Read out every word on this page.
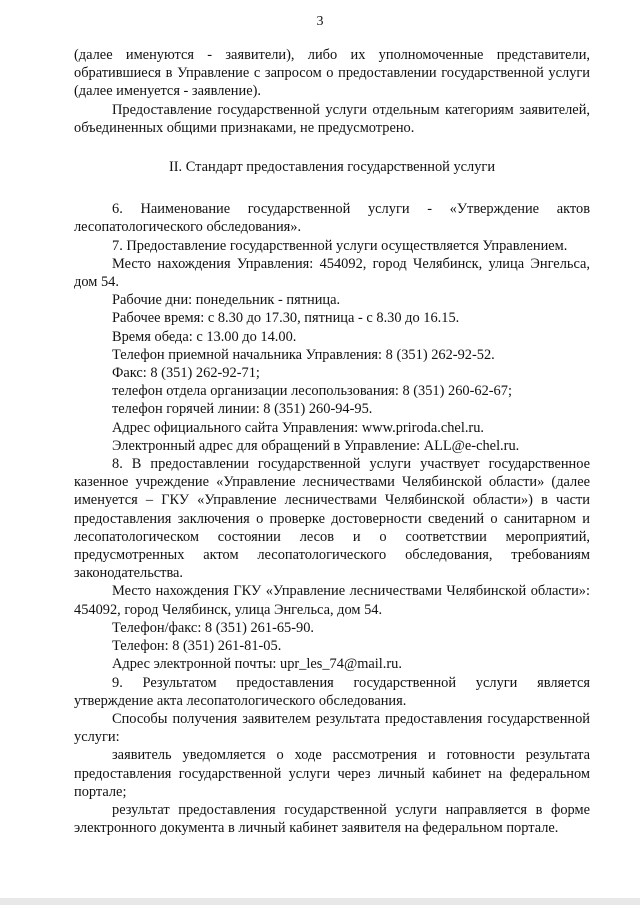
3

(далее именуются - заявители), либо их уполномоченные представители, обратившиеся в Управление с запросом о предоставлении государственной услуги (далее именуется - заявление).

Предоставление государственной услуги отдельным категориям заявителей, объединенных общими признаками, не предусмотрено.

II. Стандарт предоставления государственной услуги

6. Наименование государственной услуги - «Утверждение актов лесопатологического обследования».

7. Предоставление государственной услуги осуществляется Управлением.

Место нахождения Управления: 454092, город Челябинск, улица Энгельса, дом 54.

Рабочие дни: понедельник - пятница.

Рабочее время: с 8.30 до 17.30, пятница - с 8.30 до 16.15.

Время обеда: с 13.00 до 14.00.

Телефон приемной начальника Управления: 8 (351) 262-92-52.

Факс: 8 (351) 262-92-71;

телефон отдела организации лесопользования: 8 (351) 260-62-67;

телефон горячей линии: 8 (351) 260-94-95.

Адрес официального сайта Управления: www.priroda.chel.ru.

Электронный адрес для обращений в Управление: ALL@e-chel.ru.

8. В предоставлении государственной услуги участвует государственное казенное учреждение «Управление лесничествами Челябинской области» (далее именуется – ГКУ «Управление лесничествами Челябинской области») в части предоставления заключения о проверке достоверности сведений о санитарном и лесопатологическом состоянии лесов и о соответствии мероприятий, предусмотренных актом лесопатологического обследования, требованиям законодательства.

Место нахождения ГКУ «Управление лесничествами Челябинской области»: 454092, город Челябинск, улица Энгельса, дом 54.

Телефон/факс: 8 (351) 261-65-90.

Телефон: 8 (351) 261-81-05.

Адрес электронной почты: upr_les_74@mail.ru.

9. Результатом предоставления государственной услуги является утверждение акта лесопатологического обследования.

Способы получения заявителем результата предоставления государственной услуги:

заявитель уведомляется о ходе рассмотрения и готовности результата предоставления государственной услуги через личный кабинет на федеральном портале;

результат предоставления государственной услуги направляется в форме электронного документа в личный кабинет заявителя на федеральном портале.
